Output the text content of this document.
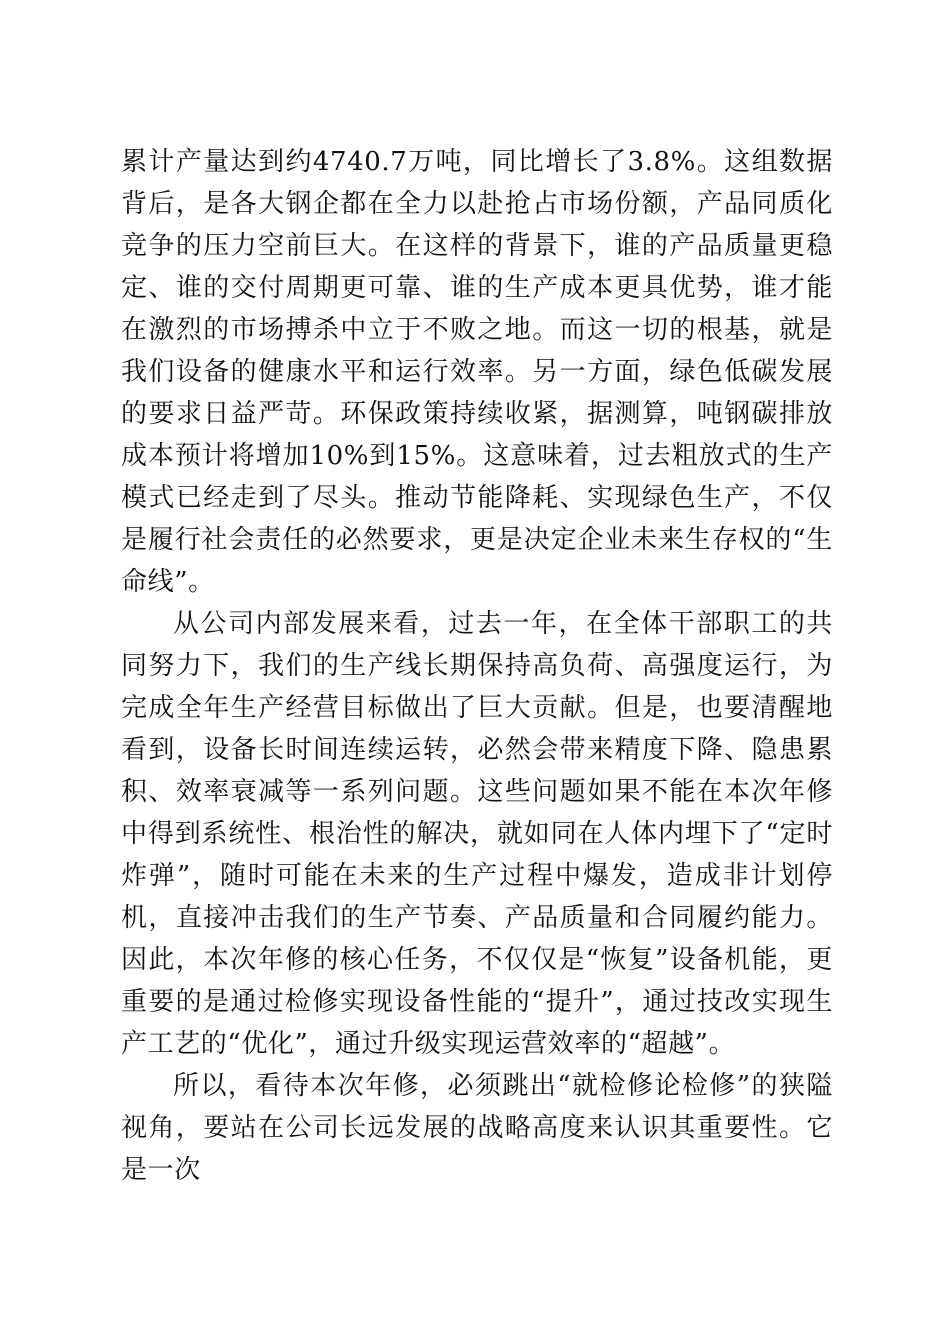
累计产量达到约4740.7万吨，同比增长了3.8%。这组数据背后，是各大钢企都在全力以赴抢占市场份额，产品同质化竞争的压力空前巨大。在这样的背景下，谁的产品质量更稳定、谁的交付周期更可靠、谁的生产成本更具优势，谁才能在激烈的市场搏杀中立于不败之地。而这一切的根基，就是我们设备的健康水平和运行效率。另一方面，绿色低碳发展的要求日益严苛。环保政策持续收紧，据测算，吨钢碳排放成本预计将增加10%到15%。这意味着，过去粗放式的生产模式已经走到了尽头。推动节能降耗、实现绿色生产，不仅是履行社会责任的必然要求，更是决定企业未来生存权的“生命线”。

从公司内部发展来看，过去一年，在全体干部职工的共同努力下，我们的生产线长期保持高负荷、高强度运行，为完成全年生产经营目标做出了巨大贡献。但是，也要清醒地看到，设备长时间连续运转，必然会带来精度下降、隐患累积、效率衰减等一系列问题。这些问题如果不能在本次年修中得到系统性、根治性的解决，就如同在人体内埋下了“定时炸弹”，随时可能在未来的生产过程中爆发，造成非计划停机，直接冲击我们的生产节奏、产品质量和合同履约能力。因此，本次年修的核心任务，不仅仅是“恢复”设备机能，更重要的是通过检修实现设备性能的“提升”，通过技改实现生产工艺的“优化”，通过升级实现运营效率的“超越”。

所以，看待本次年修，必须跳出“就检修论检修”的狭隘视角，要站在公司长远发展的战略高度来认识其重要性。它是一次
